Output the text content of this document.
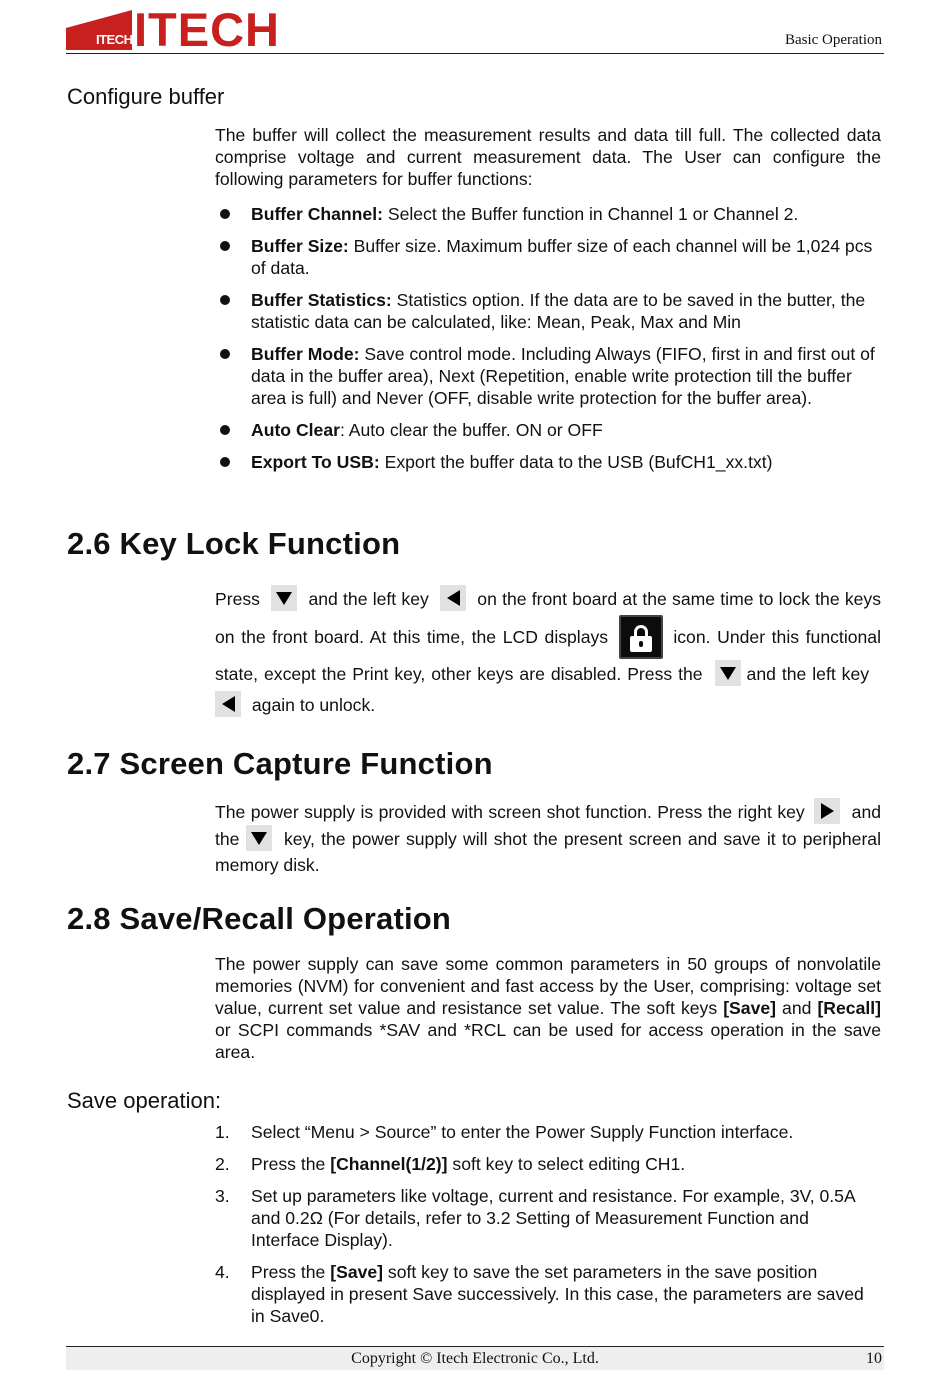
ITECH ITECH	Basic Operation
Configure buffer

The buffer will collect the measurement results and data till full. The collected data comprise voltage and current measurement data. The User can configure the following parameters for buffer functions:

Buffer Channel: Select the Buffer function in Channel 1 or Channel 2.
Buffer Size: Buffer size. Maximum buffer size of each channel will be 1,024 pcs of data.
Buffer Statistics: Statistics option. If the data are to be saved in the butter, the statistic data can be calculated, like: Mean, Peak, Max and Min
Buffer Mode: Save control mode. Including Always (FIFO, first in and first out of data in the buffer area), Next (Repetition, enable write protection till the buffer area is full) and Never (OFF, disable write protection for the buffer area).
Auto Clear: Auto clear the buffer. ON or OFF
Export To USB: Export the buffer data to the USB (BufCH1_xx.txt)
2.6 Key Lock Function
Press	and the left key	on the front board at the same time to lock the keys on the front board. At this time, the LCD displays	icon. Under this functional state, except the Print key, other keys are disabled. Press the and the left key
again to unlock.
2.7 Screen Capture Function
The power supply is provided with screen shot function. Press the right key	and the	key, the power supply will shot the present screen and save it to peripheral memory disk.
2.8 Save/Recall Operation

The power supply can save some common parameters in 50 groups of nonvolatile memories (NVM) for convenient and fast access by the User, comprising: voltage set value, current set value and resistance set value. The soft keys [Save] and [Recall] or SCPI commands *SAV and *RCL can be used for access operation in the save area.

Save operation:
1. Select “Menu > Source” to enter the Power Supply Function interface.
2. Press the [Channel(1/2)] soft key to select editing CH1.
3. Set up parameters like voltage, current and resistance. For example, 3V, 0.5A and 0.2Ω (For details, refer to 3.2 Setting of Measurement Function and Interface Display).
4. Press the [Save] soft key to save the set parameters in the save position displayed in present Save successively. In this case, the parameters are saved in Save0.
Copyright © Itech Electronic Co., Ltd.	10
